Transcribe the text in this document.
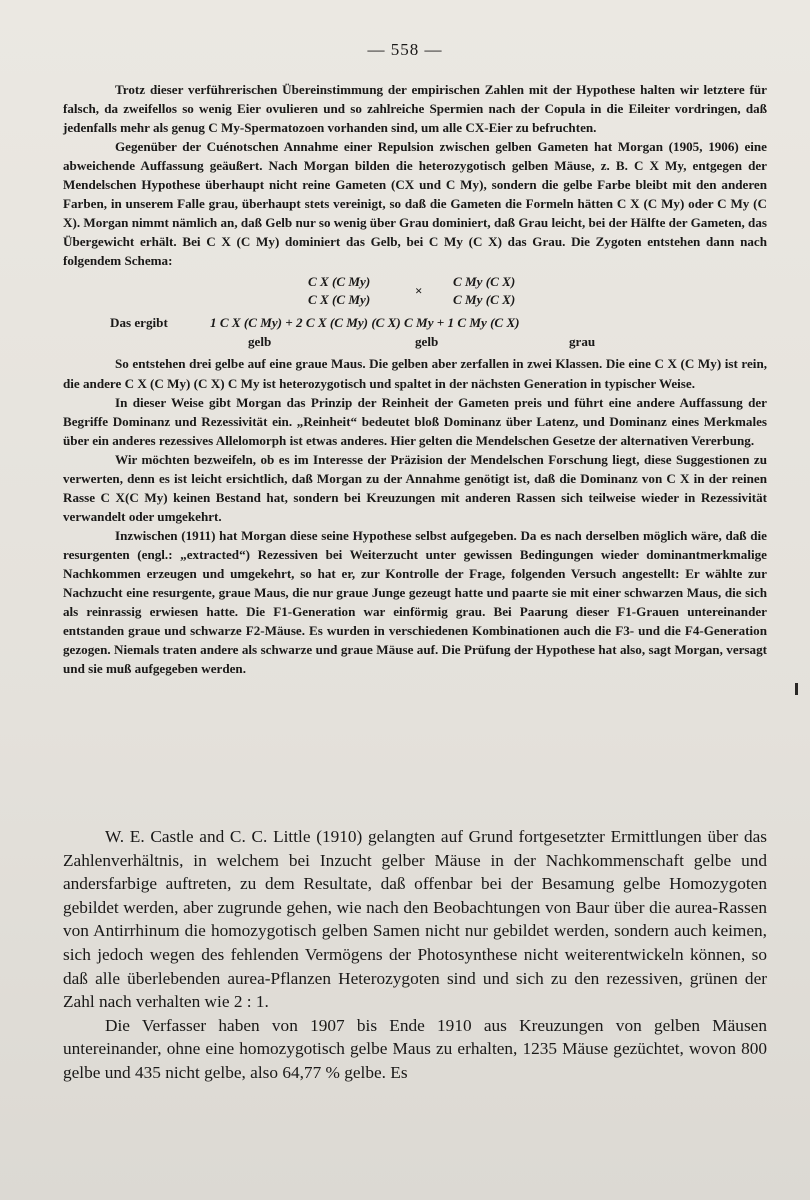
— 558 —

Trotz dieser verführerischen Übereinstimmung der empirischen Zahlen mit der Hypothese halten wir letztere für falsch, da zweifellos so wenig Eier ovulieren und so zahlreiche Spermien nach der Copula in die Eileiter vordringen, daß jedenfalls mehr als genug C My-Spermatozoen vorhanden sind, um alle CX-Eier zu befruchten.

Gegenüber der Cuénotschen Annahme einer Repulsion zwischen gelben Gameten hat Morgan (1905, 1906) eine abweichende Auffassung geäußert. Nach Morgan bilden die heterozygotisch gelben Mäuse, z. B. C X My, entgegen der Mendelschen Hypothese überhaupt nicht reine Gameten (CX und C My), sondern die gelbe Farbe bleibt mit den anderen Farben, in unserem Falle grau, überhaupt stets vereinigt, so daß die Gameten die Formeln hätten C X (C My) oder C My (C X). Morgan nimmt nämlich an, daß Gelb nur so wenig über Grau dominiert, daß Grau leicht, bei der Hälfte der Gameten, das Übergewicht erhält. Bei C X (C My) dominiert das Gelb, bei C My (C X) das Grau. Die Zygoten entstehen dann nach folgendem Schema:

C X (C My)
C X (C My)
×
C My (C X)
C My (C X)
Das ergibt	1 C X (C My) + 2 C X (C My) (C X) C My + 1 C My (C X)
gelb	gelb	grau

So entstehen drei gelbe auf eine graue Maus. Die gelben aber zerfallen in zwei Klassen. Die eine C X (C My) ist rein, die andere C X (C My) (C X) C My ist heterozygotisch und spaltet in der nächsten Generation in typischer Weise.

In dieser Weise gibt Morgan das Prinzip der Reinheit der Gameten preis und führt eine andere Auffassung der Begriffe Dominanz und Rezessivität ein. „Reinheit“ bedeutet bloß Dominanz über Latenz, und Dominanz eines Merkmales über ein anderes rezessives Allelomorph ist etwas anderes. Hier gelten die Mendelschen Gesetze der alternativen Vererbung.

Wir möchten bezweifeln, ob es im Interesse der Präzision der Mendelschen Forschung liegt, diese Suggestionen zu verwerten, denn es ist leicht ersichtlich, daß Morgan zu der Annahme genötigt ist, daß die Dominanz von C X in der reinen Rasse C X(C My) keinen Bestand hat, sondern bei Kreuzungen mit anderen Rassen sich teilweise wieder in Rezessivität verwandelt oder umgekehrt.

Inzwischen (1911) hat Morgan diese seine Hypothese selbst aufgegeben. Da es nach derselben möglich wäre, daß die resurgenten (engl.: „extracted“) Rezessiven bei Weiterzucht unter gewissen Bedingungen wieder dominantmerkmalige Nachkommen erzeugen und umgekehrt, so hat er, zur Kontrolle der Frage, folgenden Versuch angestellt: Er wählte zur Nachzucht eine resurgente, graue Maus, die nur graue Junge gezeugt hatte und paarte sie mit einer schwarzen Maus, die sich als reinrassig erwiesen hatte. Die F1-Generation war einförmig grau. Bei Paarung dieser F1-Grauen untereinander entstanden graue und schwarze F2-Mäuse. Es wurden in verschiedenen Kombinationen auch die F3- und die F4-Generation gezogen. Niemals traten andere als schwarze und graue Mäuse auf. Die Prüfung der Hypothese hat also, sagt Morgan, versagt und sie muß aufgegeben werden.

W. E. Castle and C. C. Little (1910) gelangten auf Grund fortgesetzter Ermittlungen über das Zahlenverhältnis, in welchem bei Inzucht gelber Mäuse in der Nachkommenschaft gelbe und andersfarbige auftreten, zu dem Resultate, daß offenbar bei der Besamung gelbe Homozygoten gebildet werden, aber zugrunde gehen, wie nach den Beobachtungen von Baur über die aurea-Rassen von Antirrhinum die homozygotisch gelben Samen nicht nur gebildet werden, sondern auch keimen, sich jedoch wegen des fehlenden Vermögens der Photosynthese nicht weiterentwickeln können, so daß alle überlebenden aurea-Pflanzen Heterozygoten sind und sich zu den rezessiven, grünen der Zahl nach verhalten wie 2 : 1.

Die Verfasser haben von 1907 bis Ende 1910 aus Kreuzungen von gelben Mäusen untereinander, ohne eine homozygotisch gelbe Maus zu erhalten, 1235 Mäuse gezüchtet, wovon 800 gelbe und 435 nicht gelbe, also 64,77 % gelbe. Es
